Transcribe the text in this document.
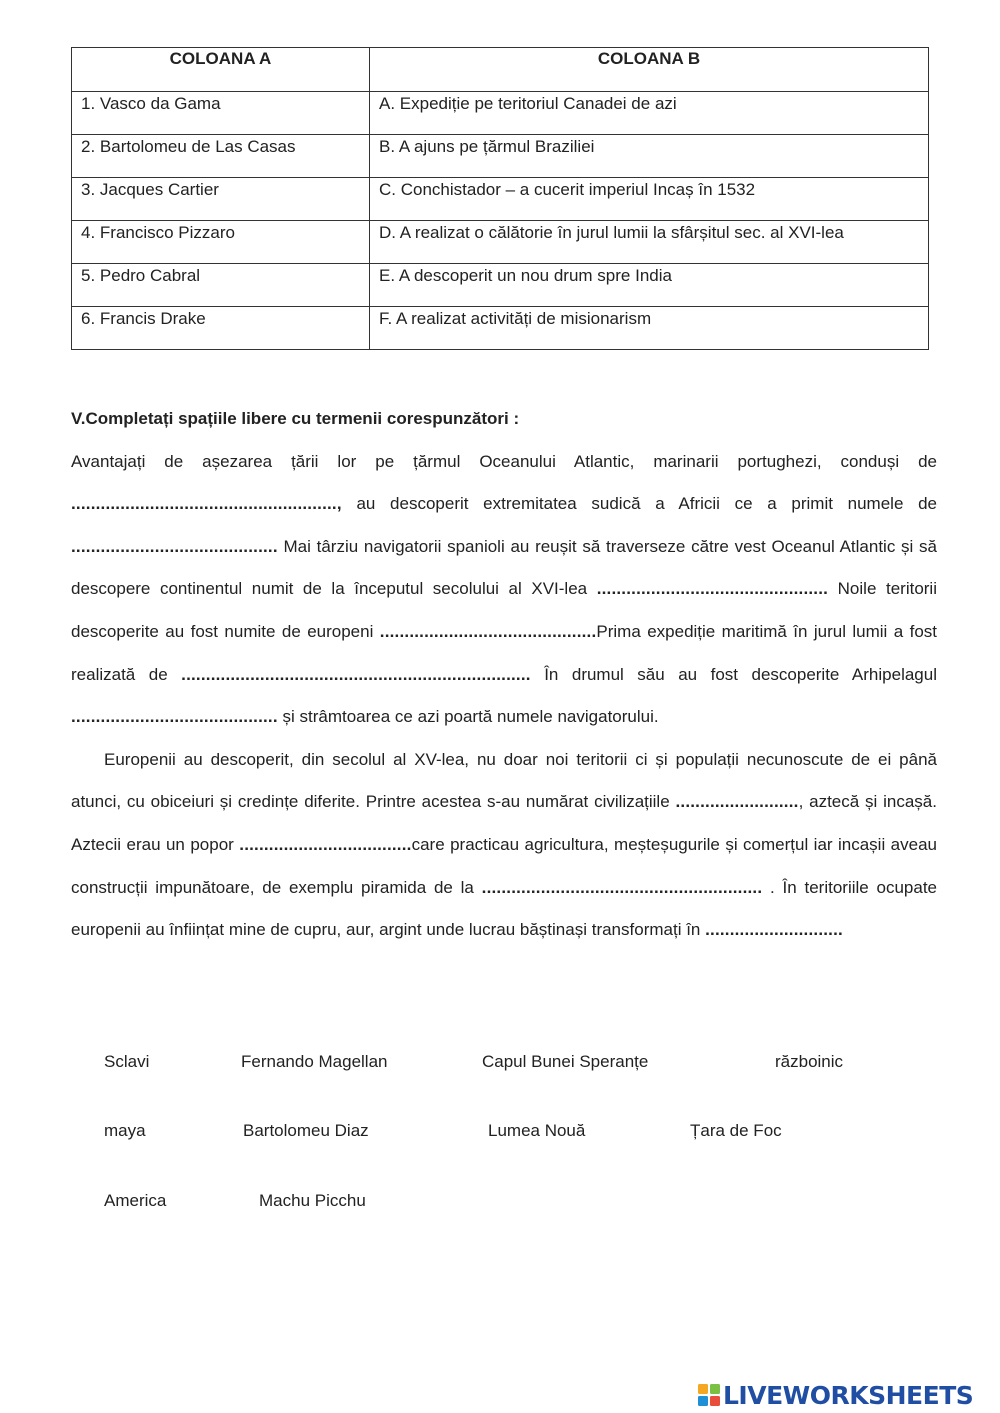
COLOANA A	COLOANA B
1. Vasco da Gama	A. Expediție pe teritoriul Canadei de azi
2. Bartolomeu de Las Casas	B. A ajuns pe țărmul Braziliei
3. Jacques Cartier	C. Conchistador – a cucerit imperiul Incaș în 1532
4. Francisco Pizzaro	D. A realizat o călătorie în jurul lumii la sfârșitul sec. al XVI-lea
5. Pedro Cabral	E. A descoperit un nou drum spre India
6. Francis Drake	F. A realizat activități de misionarism

V.Completați spațiile libere cu termenii corespunzători :

Avantajați de așezarea țării lor pe țărmul Oceanului Atlantic, marinarii portughezi, conduși de ......................................................, au descoperit extremitatea sudică a Africii ce a primit numele de .......................................... Mai târziu navigatorii spanioli au reușit să traverseze către vest Oceanul Atlantic și să descopere continentul numit de la începutul secolului al XVI-lea ............................................... Noile teritorii descoperite au fost numite de europeni ............................................Prima expediție maritimă în jurul lumii a fost realizată de ....................................................................... În drumul său au fost descoperite Arhipelagul .......................................... și strâmtoarea ce azi poartă numele navigatorului.

Europenii au descoperit, din secolul al XV-lea, nu doar noi teritorii ci și populații necunoscute de ei până atunci, cu obiceiuri și credințe diferite. Printre acestea s-au numărat civilizațiile ........................., aztecă și incașă. Aztecii erau un popor ...................................care practicau agricultura, meșteșugurile și comerțul iar incașii aveau construcții impunătoare, de exemplu piramida de la ......................................................... . În teritoriile ocupate europenii au înființat mine de cupru, aur, argint unde lucrau băștinași transformați în ............................

Sclavi	Fernando Magellan	Capul Bunei Speranțe	războinic
maya	Bartolomeu Diaz	Lumea Nouă	Țara de Foc
America	Machu Picchu
LIVEWORKSHEETS
